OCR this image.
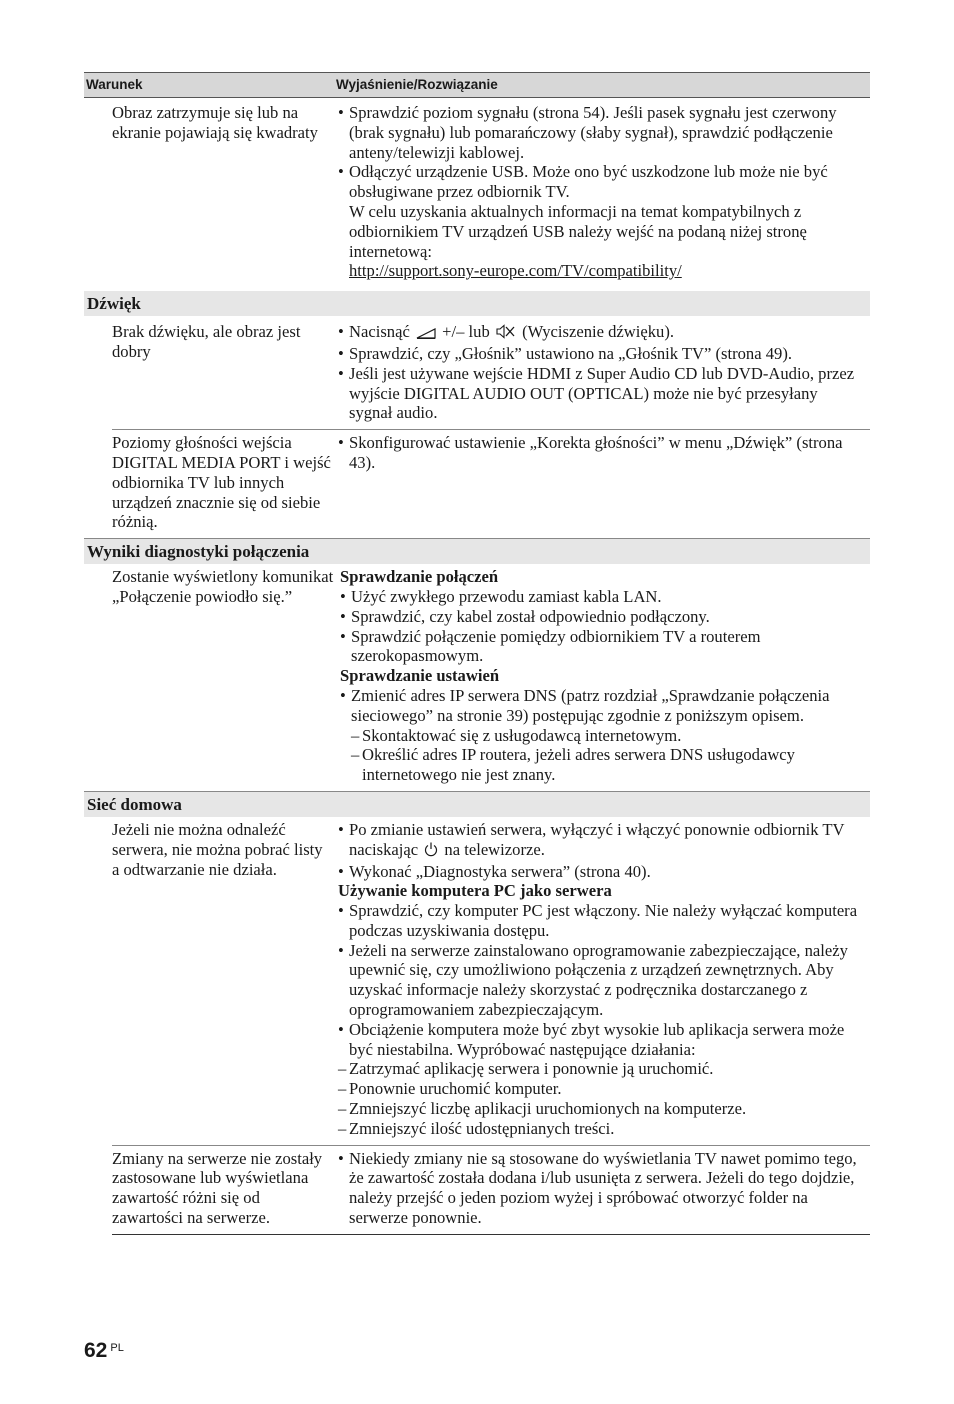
Warunek	Wyjaśnienie/Rozwiązanie
Obraz zatrzymuje się lub na ekranie pojawiają się kwadraty
• Sprawdzić poziom sygnału (strona 54). Jeśli pasek sygnału jest czerwony (brak sygnału) lub pomarańczowy (słaby sygnał), sprawdzić podłączenie anteny/telewizji kablowej.
• Odłączyć urządzenie USB. Może ono być uszkodzone lub może nie być obsługiwane przez odbiornik TV.
W celu uzyskania aktualnych informacji na temat kompatybilnych z odbiornikiem TV urządzeń USB należy wejść na podaną niżej stronę internetową:
http://support.sony-europe.com/TV/compatibility/
Dźwięk
Brak dźwięku, ale obraz jest dobry
• Nacisnąć +/– lub (Wyciszenie dźwięku).
• Sprawdzić, czy „Głośnik” ustawiono na „Głośnik TV” (strona 49).
• Jeśli jest używane wejście HDMI z Super Audio CD lub DVD-Audio, przez wyjście DIGITAL AUDIO OUT (OPTICAL) może nie być przesyłany sygnał audio.
Poziomy głośności wejścia DIGITAL MEDIA PORT i wejść odbiornika TV lub innych urządzeń znacznie się od siebie różnią.
• Skonfigurować ustawienie „Korekta głośności” w menu „Dźwięk” (strona 43).
Wyniki diagnostyki połączenia
Zostanie wyświetlony komunikat „Połączenie powiodło się.”
Sprawdzanie połączeń
• Użyć zwykłego przewodu zamiast kabla LAN.
• Sprawdzić, czy kabel został odpowiednio podłączony.
• Sprawdzić połączenie pomiędzy odbiornikiem TV a routerem szerokopasmowym.
Sprawdzanie ustawień
• Zmienić adres IP serwera DNS (patrz rozdział „Sprawdzanie połączenia sieciowego” na stronie 39) postępując zgodnie z poniższym opisem.
– Skontaktować się z usługodawcą internetowym.
– Określić adres IP routera, jeżeli adres serwera DNS usługodawcy internetowego nie jest znany.
Sieć domowa
Jeżeli nie można odnaleźć serwera, nie można pobrać listy a odtwarzanie nie działa.
• Po zmianie ustawień serwera, wyłączyć i włączyć ponownie odbiornik TV naciskając na telewizorze.
• Wykonać „Diagnostyka serwera” (strona 40).
Używanie komputera PC jako serwera
• Sprawdzić, czy komputer PC jest włączony. Nie należy wyłączać komputera podczas uzyskiwania dostępu.
• Jeżeli na serwerze zainstalowano oprogramowanie zabezpieczające, należy upewnić się, czy umożliwiono połączenia z urządzeń zewnętrznych. Aby uzyskać informacje należy skorzystać z podręcznika dostarczanego z oprogramowaniem zabezpieczającym.
• Obciążenie komputera może być zbyt wysokie lub aplikacja serwera może być niestabilna. Wypróbować następujące działania:
– Zatrzymać aplikację serwera i ponownie ją uruchomić.
– Ponownie uruchomić komputer.
– Zmniejszyć liczbę aplikacji uruchomionych na komputerze.
– Zmniejszyć ilość udostępnianych treści.
Zmiany na serwerze nie zostały zastosowane lub wyświetlana zawartość różni się od zawartości na serwerze.
• Niekiedy zmiany nie są stosowane do wyświetlania TV nawet pomimo tego, że zawartość została dodana i/lub usunięta z serwera. Jeżeli do tego dojdzie, należy przejść o jeden poziom wyżej i spróbować otworzyć folder na serwerze ponownie.
62 $^{PL}$
